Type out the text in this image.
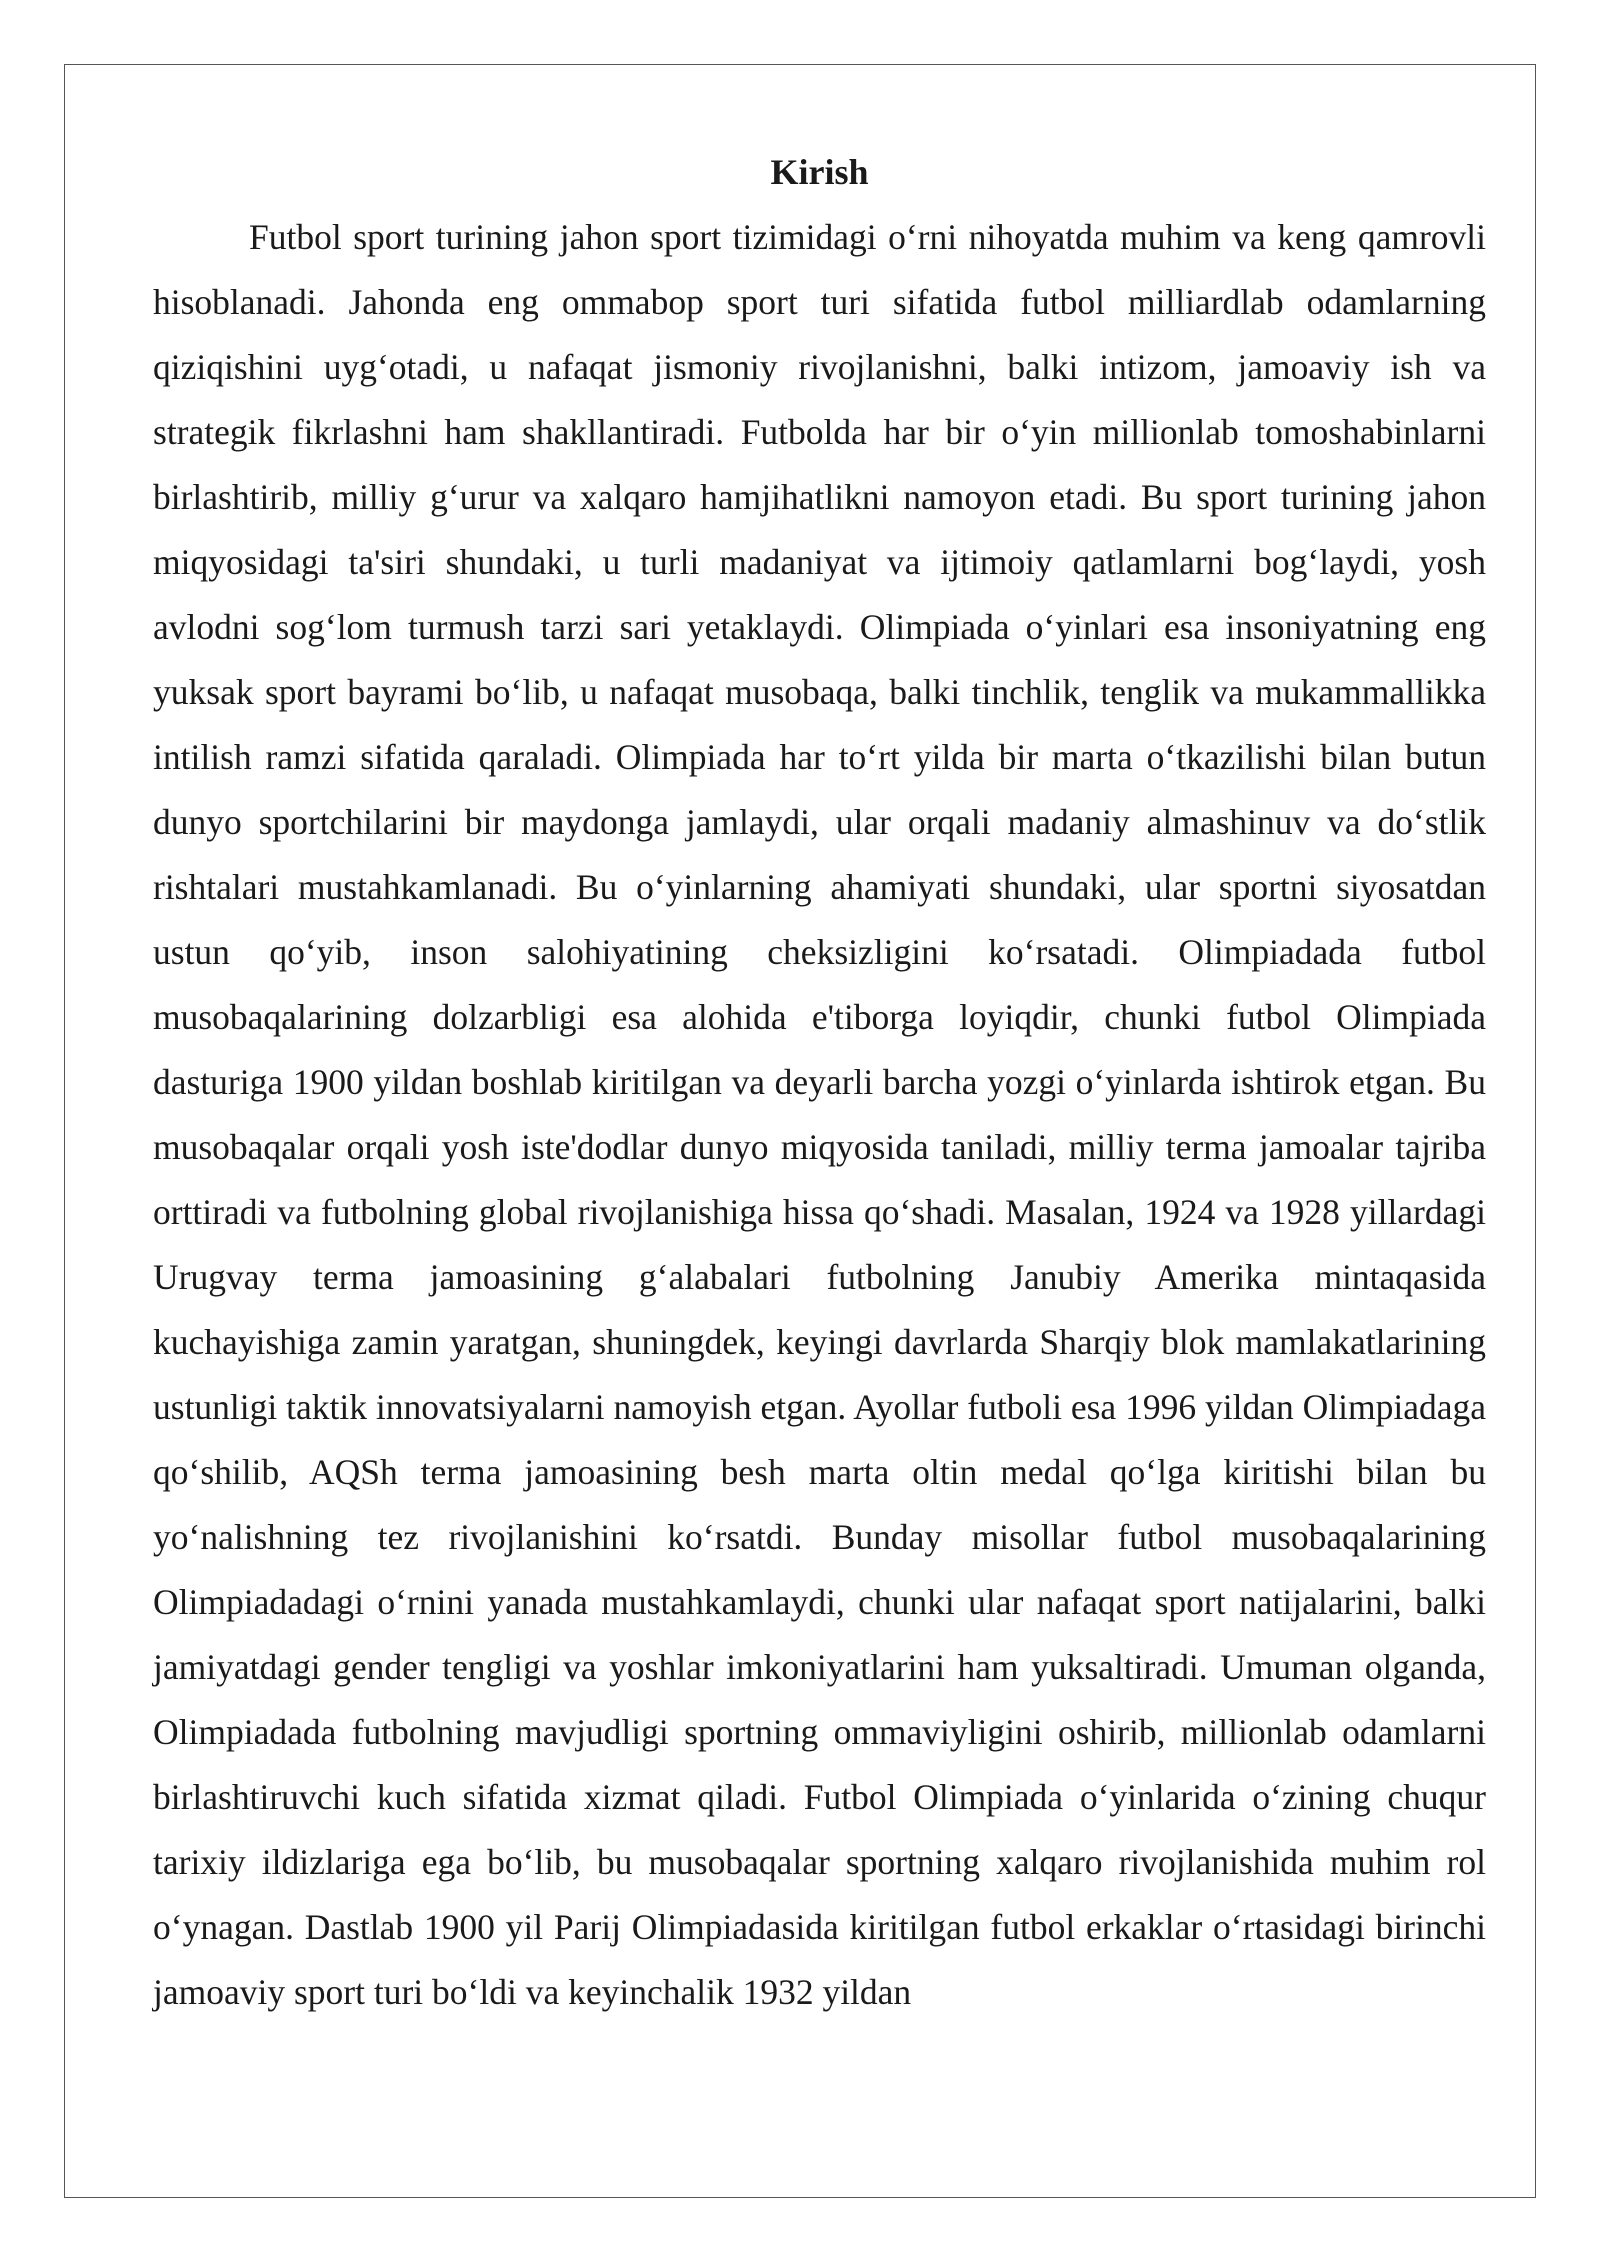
Kirish

Futbol sport turining jahon sport tizimidagi o‘rni nihoyatda muhim va keng qamrovli hisoblanadi. Jahonda eng ommabop sport turi sifatida futbol milliardlab odamlarning qiziqishini uyg‘otadi, u nafaqat jismoniy rivojlanishni, balki intizom, jamoaviy ish va strategik fikrlashni ham shakllantiradi. Futbolda har bir o‘yin millionlab tomoshabinlarni birlashtirib, milliy g‘urur va xalqaro hamjihatlikni namoyon etadi. Bu sport turining jahon miqyosidagi ta'siri shundaki, u turli madaniyat va ijtimoiy qatlamlarni bog‘laydi, yosh avlodni sog‘lom turmush tarzi sari yetaklaydi. Olimpiada o‘yinlari esa insoniyatning eng yuksak sport bayrami bo‘lib, u nafaqat musobaqa, balki tinchlik, tenglik va mukammallikka intilish ramzi sifatida qaraladi. Olimpiada har to‘rt yilda bir marta o‘tkazilishi bilan butun dunyo sportchilarini bir maydonga jamlaydi, ular orqali madaniy almashinuv va do‘stlik rishtalari mustahkamlanadi. Bu o‘yinlarning ahamiyati shundaki, ular sportni siyosatdan ustun qo‘yib, inson salohiyatining cheksizligini ko‘rsatadi. Olimpiadada futbol musobaqalarining dolzarbligi esa alohida e'tiborga loyiqdir, chunki futbol Olimpiada dasturiga 1900 yildan boshlab kiritilgan va deyarli barcha yozgi o‘yinlarda ishtirok etgan. Bu musobaqalar orqali yosh iste'dodlar dunyo miqyosida taniladi, milliy terma jamoalar tajriba orttiradi va futbolning global rivojlanishiga hissa qo‘shadi. Masalan, 1924 va 1928 yillardagi Urugvay terma jamoasining g‘alabalari futbolning Janubiy Amerika mintaqasida kuchayishiga zamin yaratgan, shuningdek, keyingi davrlarda Sharqiy blok mamlakatlarining ustunligi taktik innovatsiyalarni namoyish etgan. Ayollar futboli esa 1996 yildan Olimpiadaga qo‘shilib, AQSh terma jamoasining besh marta oltin medal qo‘lga kiritishi bilan bu yo‘nalishning tez rivojlanishini ko‘rsatdi. Bunday misollar futbol musobaqalarining Olimpiadadagi o‘rnini yanada mustahkamlaydi, chunki ular nafaqat sport natijalarini, balki jamiyatdagi gender tengligi va yoshlar imkoniyatlarini ham yuksaltiradi. Umuman olganda, Olimpiadada futbolning mavjudligi sportning ommaviyligini oshirib, millionlab odamlarni birlashtiruvchi kuch sifatida xizmat qiladi. Futbol Olimpiada o‘yinlarida o‘zining chuqur tarixiy ildizlariga ega bo‘lib, bu musobaqalar sportning xalqaro rivojlanishida muhim rol o‘ynagan. Dastlab 1900 yil Parij Olimpiadasida kiritilgan futbol erkaklar o‘rtasidagi birinchi jamoaviy sport turi bo‘ldi va keyinchalik 1932 yildan
